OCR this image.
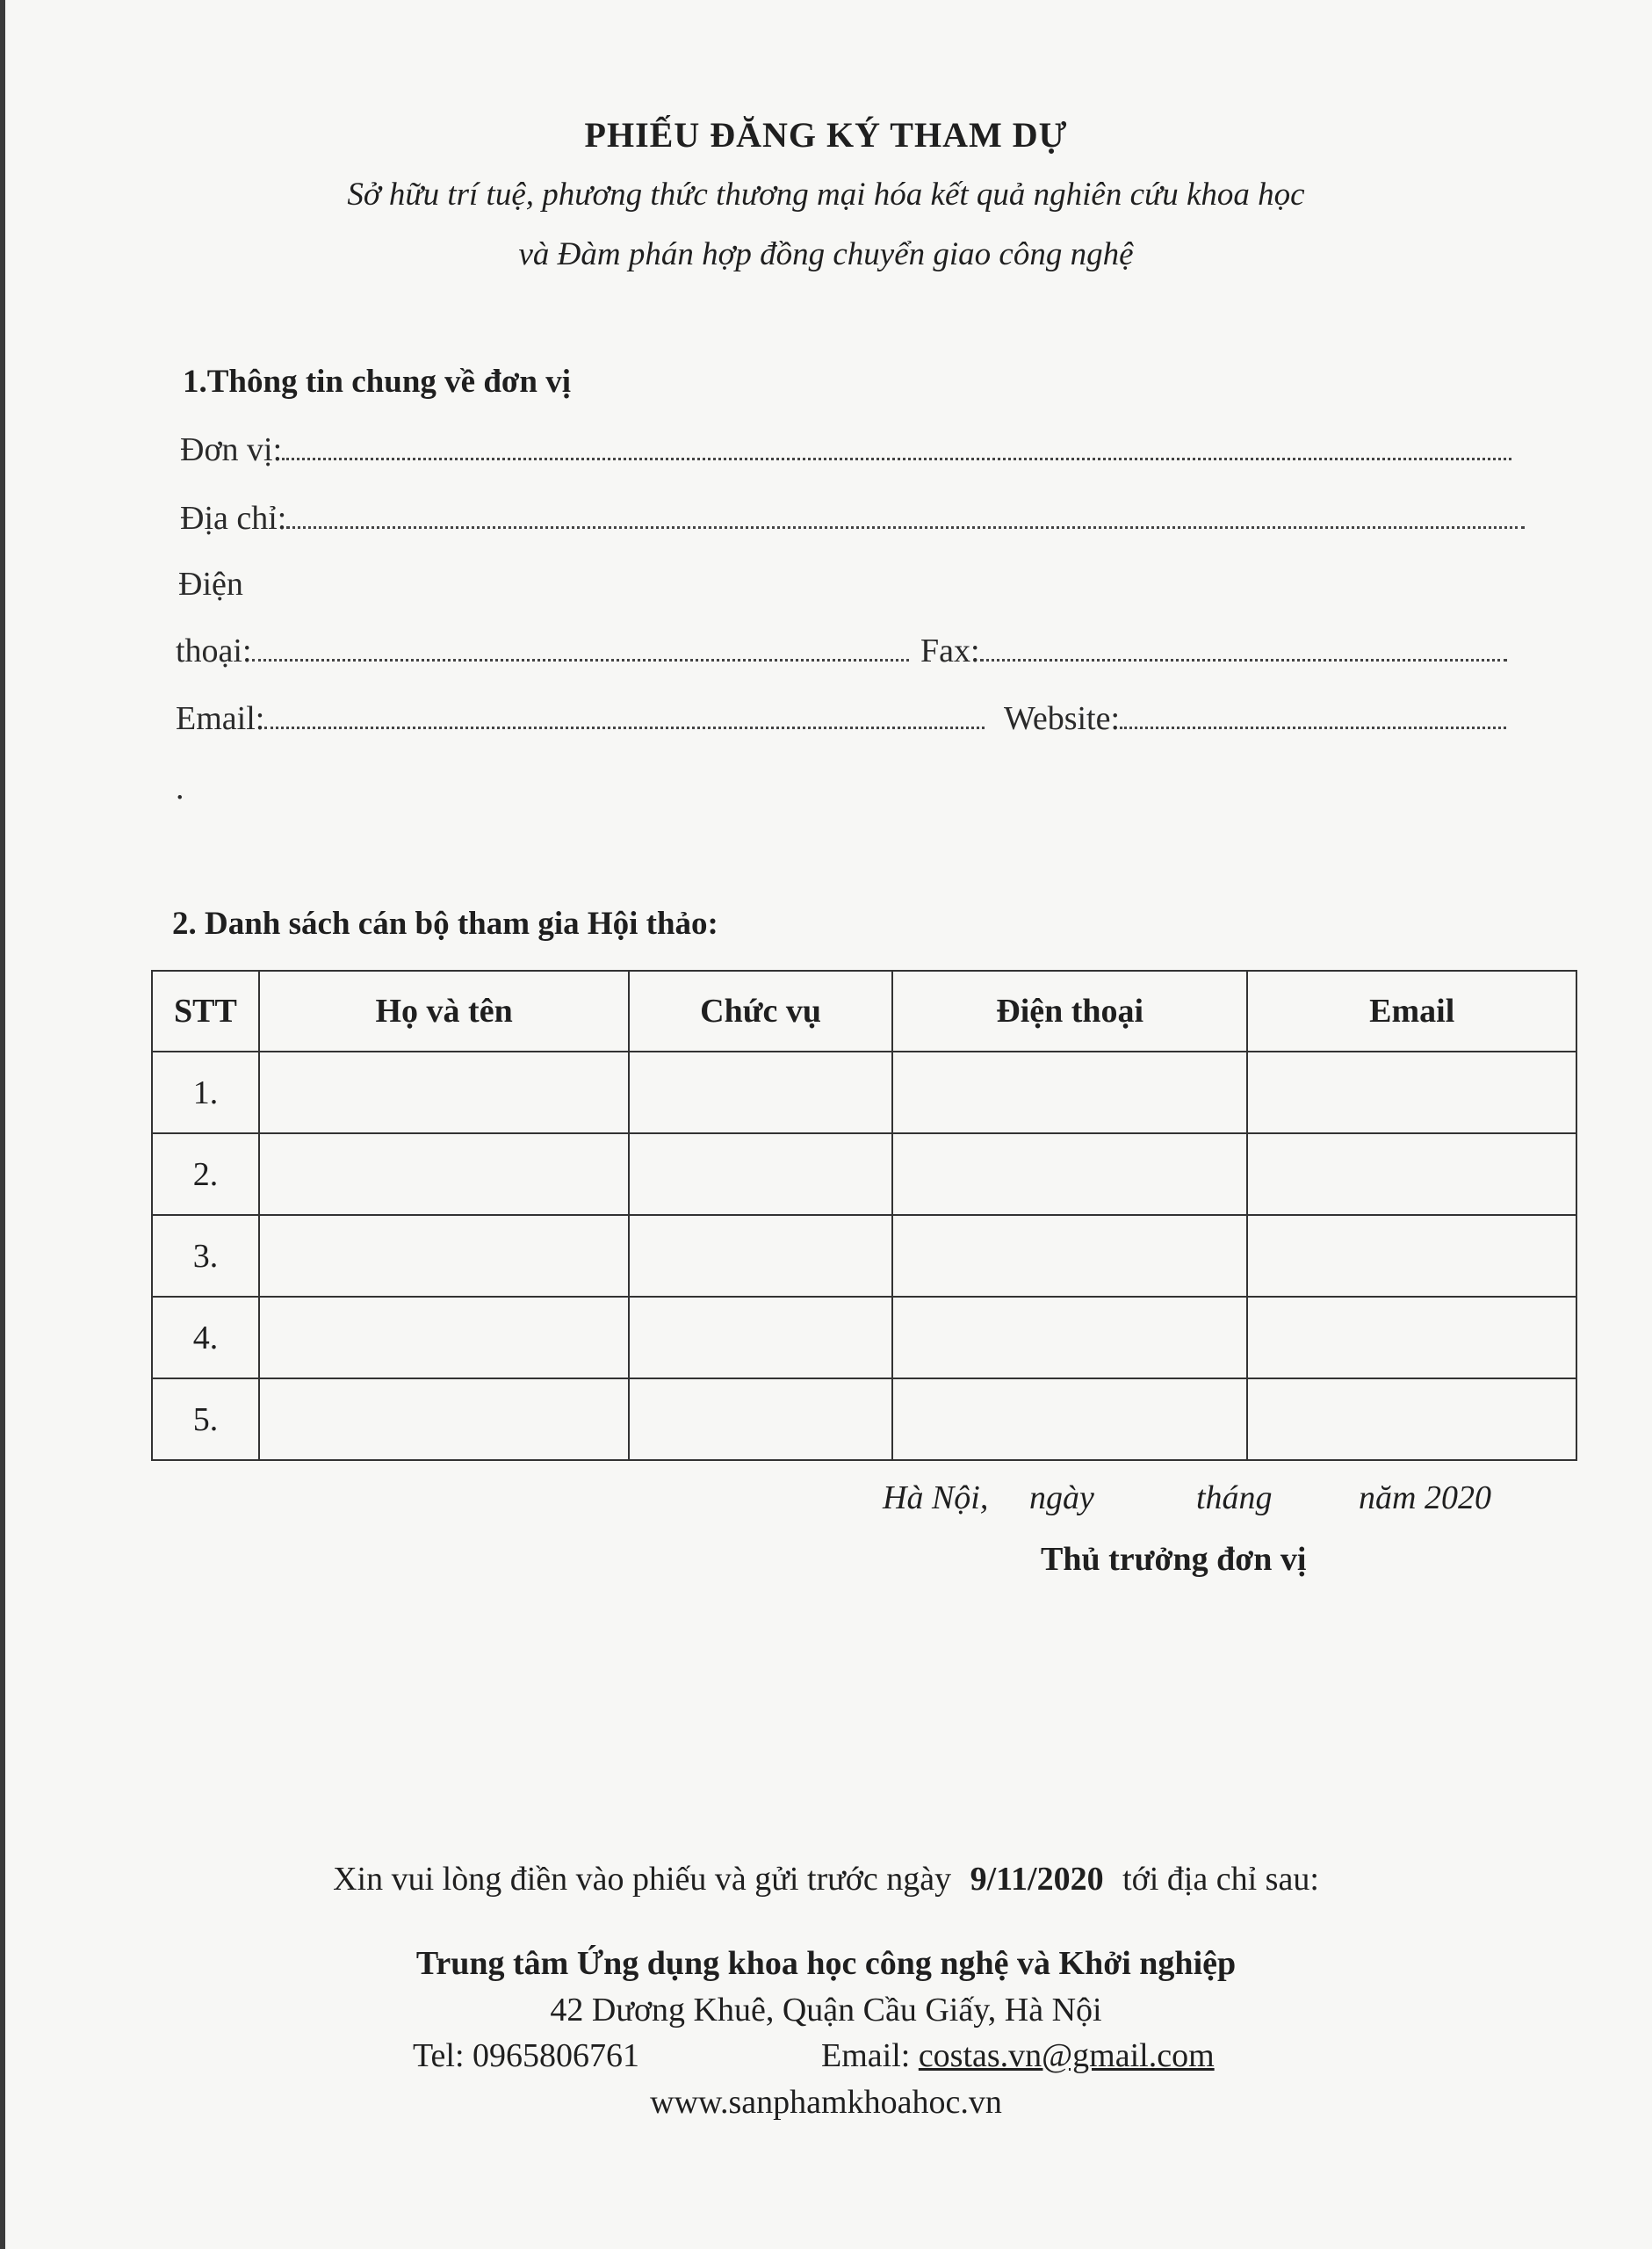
PHIẾU ĐĂNG KÝ THAM DỰ
Sở hữu trí tuệ, phương thức thương mại hóa kết quả nghiên cứu khoa học
và Đàm phán hợp đồng chuyển giao công nghệ
1.Thông tin chung về đơn vị
Đơn vị:
Địa chỉ:
Điện
thoại:	Fax:
Email:	Website:
.
2. Danh sách cán bộ tham gia Hội thảo:
STT	Họ và tên	Chức vụ	Điện thoại	Email
1.				
2.				
3.				
4.				
5.				
Hà Nội, ngày	tháng	năm 2020
Thủ trưởng đơn vị
Xin vui lòng điền vào phiếu và gửi trước ngày 9/11/2020 tới địa chỉ sau:
Trung tâm Ứng dụng khoa học công nghệ và Khởi nghiệp
42 Dương Khuê, Quận Cầu Giấy, Hà Nội
Tel: 0965806761	Email: costas.vn@gmail.com
www.sanphamkhoahoc.vn
